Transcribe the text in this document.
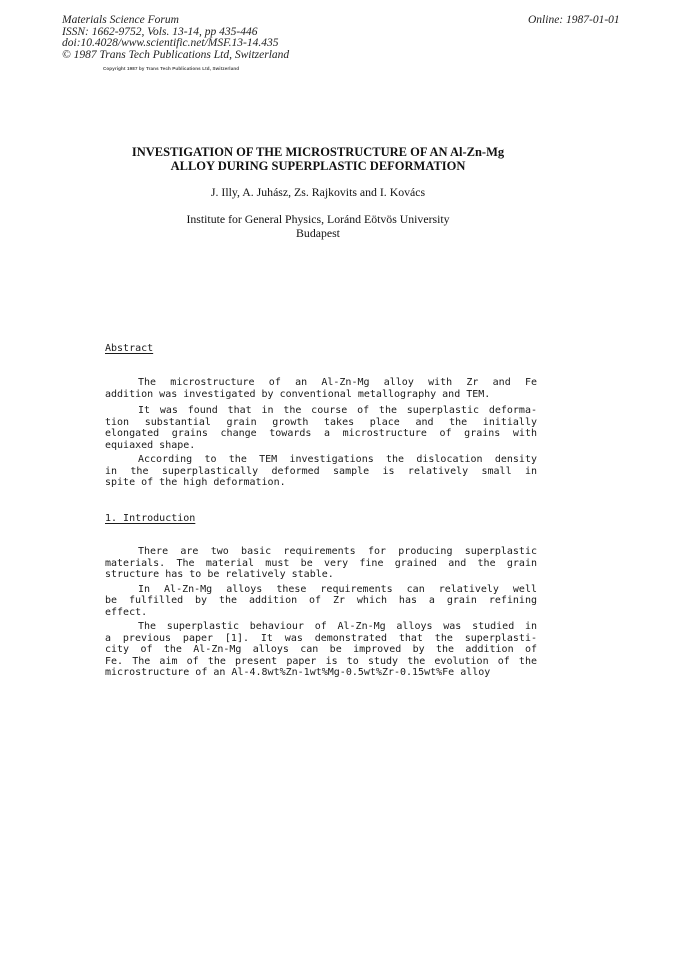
Materials Science Forum
ISSN: 1662-9752, Vols. 13-14, pp 435-446
doi:10.4028/www.scientific.net/MSF.13-14.435
© 1987 Trans Tech Publications Ltd, Switzerland
Online: 1987-01-01
Copyright 1987 by Trans Tech Publications Ltd, Switzerland
INVESTIGATION OF THE MICROSTRUCTURE OF AN Al-Zn-Mg
ALLOY DURING SUPERPLASTIC DEFORMATION
J. Illy, A. Juhász, Zs. Rajkovits and I. Kovács
Institute for General Physics, Loránd Eötvös University
Budapest
Abstract
The microstructure of an Al-Zn-Mg alloy with Zr and Fe
addition was investigated by conventional metallography and TEM.
It was found that in the course of the superplastic deforma-
tion substantial grain growth takes place and the initially
elongated grains change towards a microstructure of grains with
equiaxed shape.
According to the TEM investigations the dislocation density
in the superplastically deformed sample is relatively small in
spite of the high deformation.
1. Introduction
There are two basic requirements for producing superplastic
materials. The material must be very fine grained and the grain
structure has to be relatively stable.
In Al-Zn-Mg alloys these requirements can relatively well
be fulfilled by the addition of Zr which has a grain refining
effect.
The superplastic behaviour of Al-Zn-Mg alloys was studied in
a previous paper [1]. It was demonstrated that the superplasti-
city of the Al-Zn-Mg alloys can be improved by the addition of
Fe. The aim of the present paper is to study the evolution of the
microstructure of an Al-4.8wt%Zn-1wt%Mg-0.5wt%Zr-0.15wt%Fe alloy
